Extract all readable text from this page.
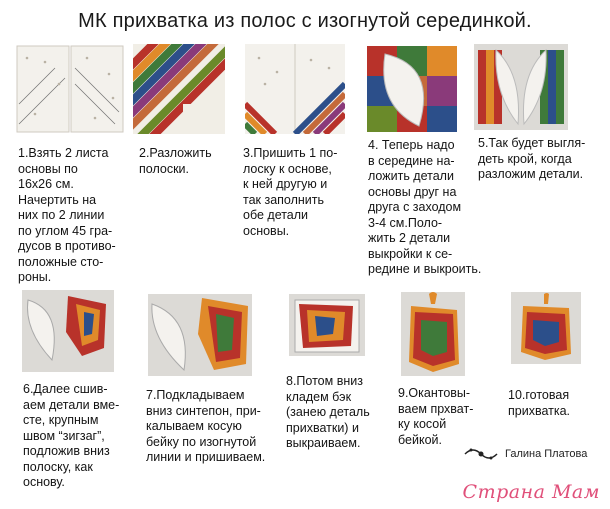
МК прихватка из полос с изогнутой серединкой.
1.Взять 2 листа
основы по
16х26 см.
Начертить на
них по 2 линии
по углом 45 гра-
дусов в противо-
положные сто-
роны.
2.Разложить
полоски.
3.Пришить 1 по-
лоску к основе,
к ней другую и
так заполнить
обе детали
основы.
4. Теперь надо
в середине на-
ложить детали
основы друг на
друга с заходом
3-4 см.Поло-
жить 2 детали
выкройки к се-
редине и выкроить.
5.Так будет выгля-
деть крой, когда
разложим детали.
6.Далее сшив-
аем детали вме-
сте, крупным
швом “зигзаг”,
подложив вниз
полоску, как
основу.
7.Подкладываем
вниз синтепон, при-
калываем косую
бейку по изогнутой
линии и пришиваем.
8.Потом вниз
кладем бэк
(занею деталь
прихватки) и
выкраиваем.
9.Окантовы-
ваем прхват-
ку косой
бейкой.
10.готовая
прихватка.
Галина Платова
Страна Мам
